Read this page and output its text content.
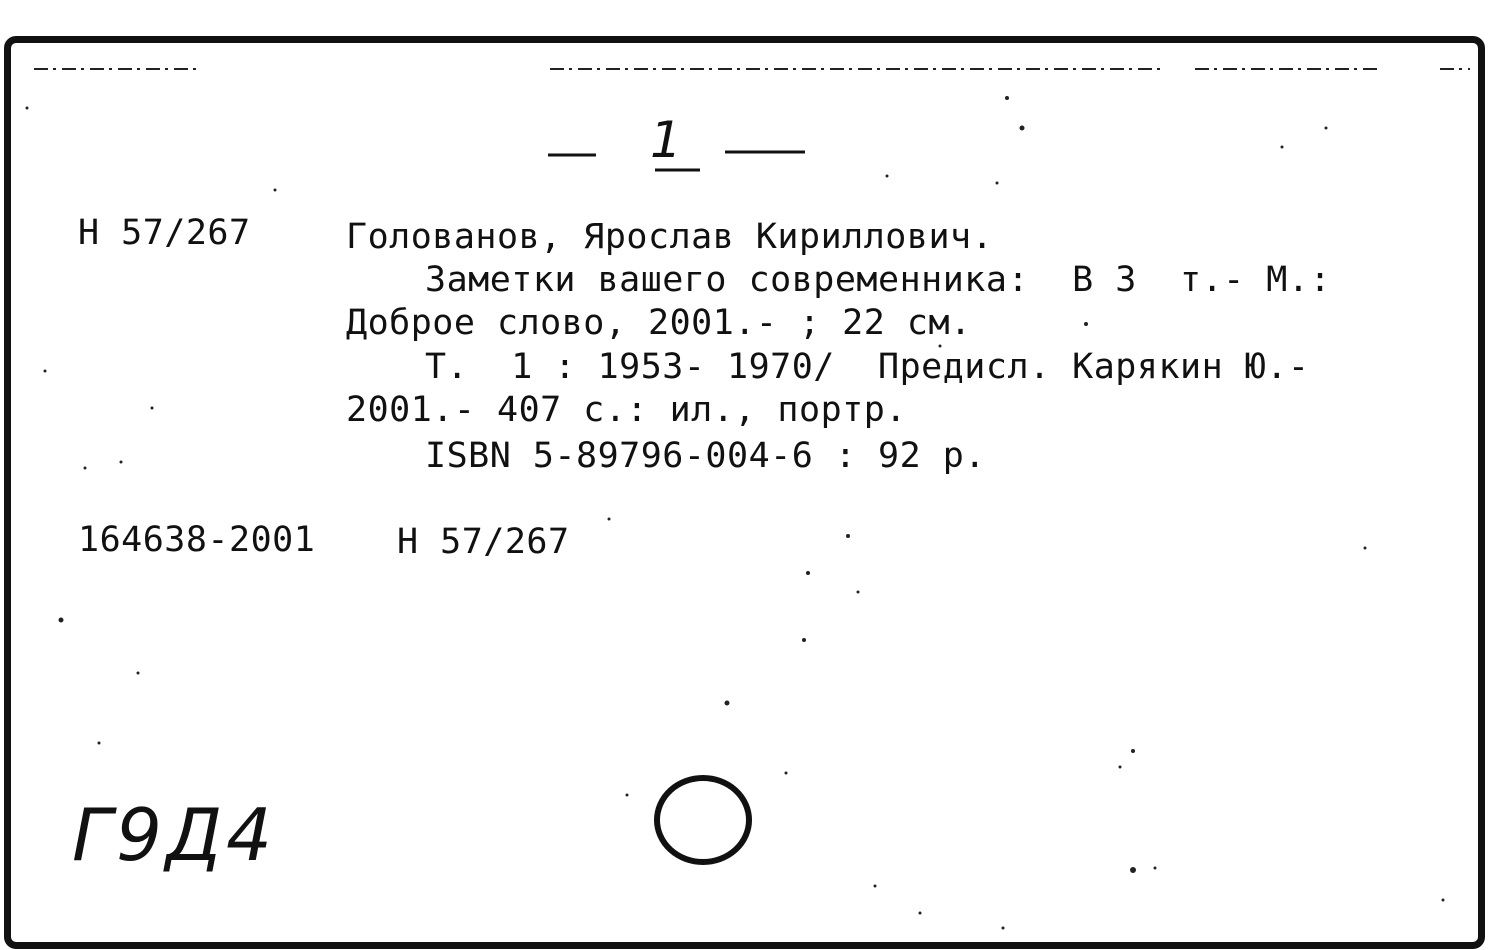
1
Н 57/267	Голованов, Ярослав Кириллович.
Заметки вашего современника:  В 3  т.- М.:
Доброе слово, 2001.- ; 22 см.
Т.  1 : 1953- 1970/  Предисл. Карякин Ю.-
2001.- 407 с.: ил., портр.
ISBN 5-89796-004-6 : 92 р.
164638-2001 Н 57/267
Г9Д4
